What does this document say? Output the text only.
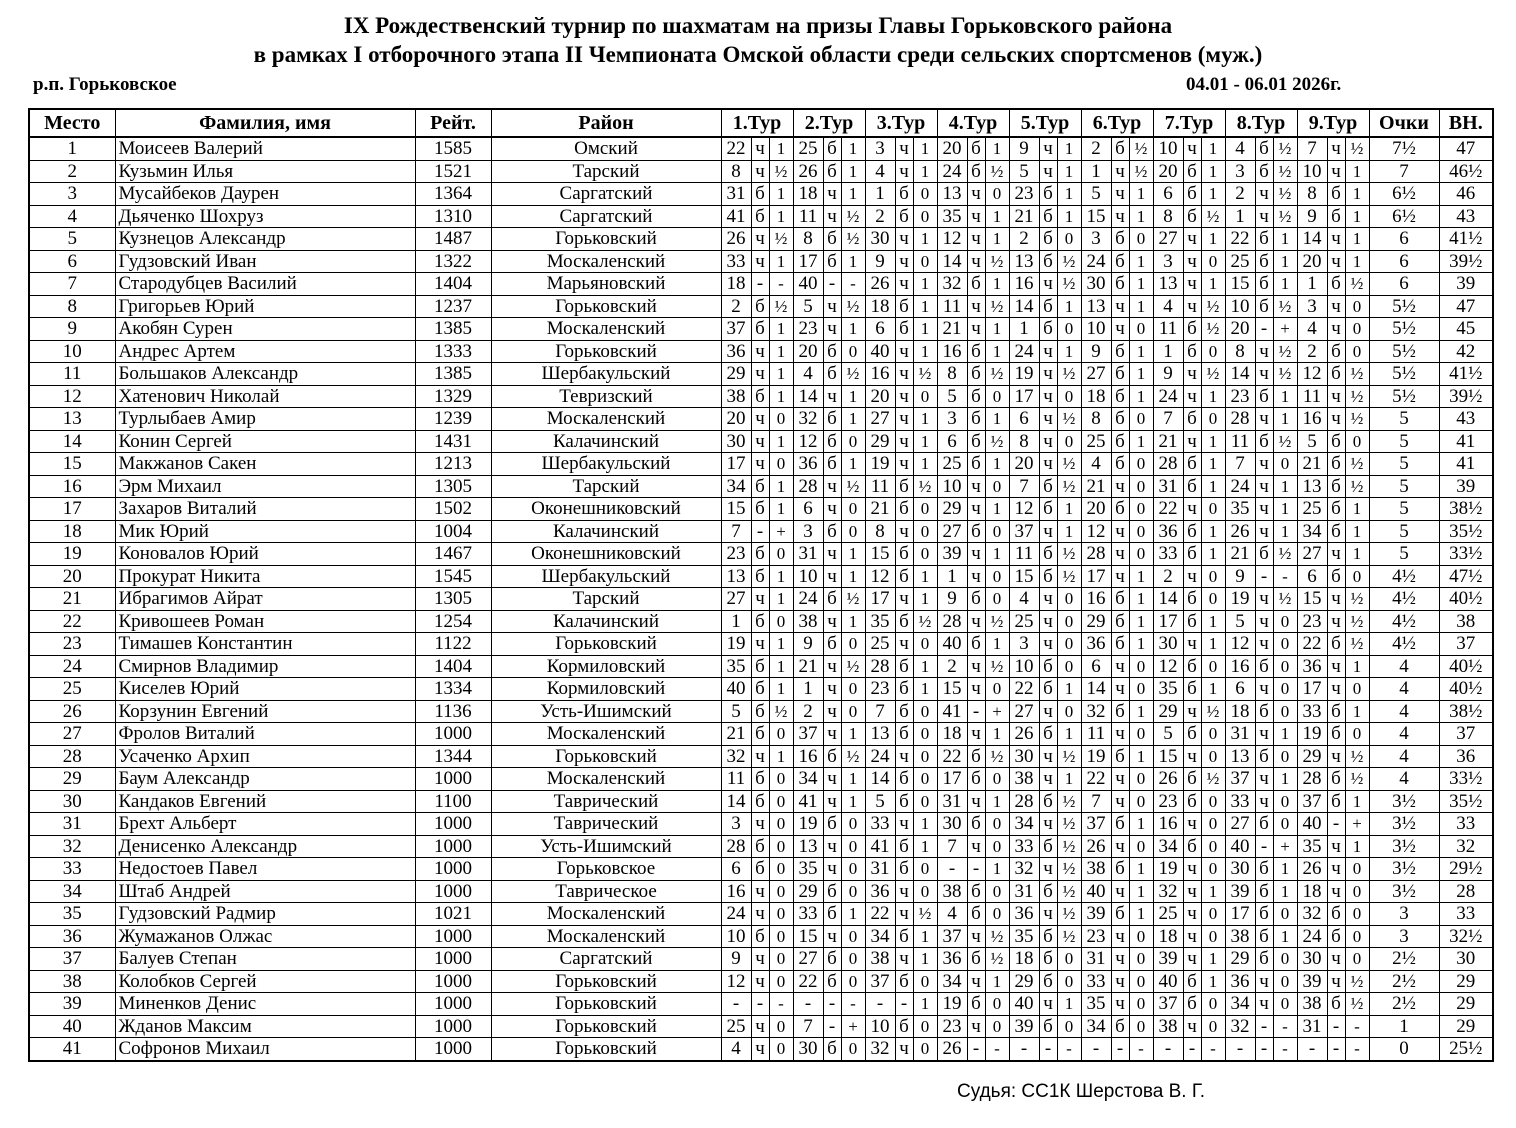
IX Рождественский турнир по шахматам на призы Главы Горьковского района
в рамках I отборочного этапа II Чемпионата Омской области среди сельских спортсменов (муж.)
р.п. Горьковское	04.01 - 06.01 2026г.
Место	Фамилия, имя	Рейт.	Район	1.Тур			2.Тур			3.Тур			4.Тур			5.Тур			6.Тур			7.Тур			8.Тур			9.Тур			Очки	ВН.
1	Моисеев Валерий	1585	Омский	22	ч	1	25	б	1	3	ч	1	20	б	1	9	ч	1	2	б	½	10	ч	1	4	б	½	7	ч	½	7½	47
2	Кузьмин Илья	1521	Тарский	8	ч	½	26	б	1	4	ч	1	24	б	½	5	ч	1	1	ч	½	20	б	1	3	б	½	10	ч	1	7	46½
3	Мусайбеков Даурен	1364	Саргатский	31	б	1	18	ч	1	1	б	0	13	ч	0	23	б	1	5	ч	1	6	б	1	2	ч	½	8	б	1	6½	46
4	Дьяченко Шохруз	1310	Саргатский	41	б	1	11	ч	½	2	б	0	35	ч	1	21	б	1	15	ч	1	8	б	½	1	ч	½	9	б	1	6½	43
5	Кузнецов Александр	1487	Горьковский	26	ч	½	8	б	½	30	ч	1	12	ч	1	2	б	0	3	б	0	27	ч	1	22	б	1	14	ч	1	6	41½
6	Гудзовский Иван	1322	Москаленский	33	ч	1	17	б	1	9	ч	0	14	ч	½	13	б	½	24	б	1	3	ч	0	25	б	1	20	ч	1	6	39½
7	Стародубцев Василий	1404	Марьяновский	18	-	-	40	-	-	26	ч	1	32	б	1	16	ч	½	30	б	1	13	ч	1	15	б	1	1	б	½	6	39
8	Григорьев Юрий	1237	Горьковский	2	б	½	5	ч	½	18	б	1	11	ч	½	14	б	1	13	ч	1	4	ч	½	10	б	½	3	ч	0	5½	47
9	Акобян Сурен	1385	Москаленский	37	б	1	23	ч	1	6	б	1	21	ч	1	1	б	0	10	ч	0	11	б	½	20	-	+	4	ч	0	5½	45
10	Андрес Артем	1333	Горьковский	36	ч	1	20	б	0	40	ч	1	16	б	1	24	ч	1	9	б	1	1	б	0	8	ч	½	2	б	0	5½	42
11	Большаков Александр	1385	Шербакульский	29	ч	1	4	б	½	16	ч	½	8	б	½	19	ч	½	27	б	1	9	ч	½	14	ч	½	12	б	½	5½	41½
12	Хатенович Николай	1329	Тевризский	38	б	1	14	ч	1	20	ч	0	5	б	0	17	ч	0	18	б	1	24	ч	1	23	б	1	11	ч	½	5½	39½
13	Турлыбаев Амир	1239	Москаленский	20	ч	0	32	б	1	27	ч	1	3	б	1	6	ч	½	8	б	0	7	б	0	28	ч	1	16	ч	½	5	43
14	Конин Сергей	1431	Калачинский	30	ч	1	12	б	0	29	ч	1	6	б	½	8	ч	0	25	б	1	21	ч	1	11	б	½	5	б	0	5	41
15	Макжанов Сакен	1213	Шербакульский	17	ч	0	36	б	1	19	ч	1	25	б	1	20	ч	½	4	б	0	28	б	1	7	ч	0	21	б	½	5	41
16	Эрм Михаил	1305	Тарский	34	б	1	28	ч	½	11	б	½	10	ч	0	7	б	½	21	ч	0	31	б	1	24	ч	1	13	б	½	5	39
17	Захаров Виталий	1502	Оконешниковский	15	б	1	6	ч	0	21	б	0	29	ч	1	12	б	1	20	б	0	22	ч	0	35	ч	1	25	б	1	5	38½
18	Мик Юрий	1004	Калачинский	7	-	+	3	б	0	8	ч	0	27	б	0	37	ч	1	12	ч	0	36	б	1	26	ч	1	34	б	1	5	35½
19	Коновалов Юрий	1467	Оконешниковский	23	б	0	31	ч	1	15	б	0	39	ч	1	11	б	½	28	ч	0	33	б	1	21	б	½	27	ч	1	5	33½
20	Прокурат Никита	1545	Шербакульский	13	б	1	10	ч	1	12	б	1	1	ч	0	15	б	½	17	ч	1	2	ч	0	9	-	-	6	б	0	4½	47½
21	Ибрагимов Айрат	1305	Тарский	27	ч	1	24	б	½	17	ч	1	9	б	0	4	ч	0	16	б	1	14	б	0	19	ч	½	15	ч	½	4½	40½
22	Кривошеев Роман	1254	Калачинский	1	б	0	38	ч	1	35	б	½	28	ч	½	25	ч	0	29	б	1	17	б	1	5	ч	0	23	ч	½	4½	38
23	Тимашев Константин	1122	Горьковский	19	ч	1	9	б	0	25	ч	0	40	б	1	3	ч	0	36	б	1	30	ч	1	12	ч	0	22	б	½	4½	37
24	Смирнов Владимир	1404	Кормиловский	35	б	1	21	ч	½	28	б	1	2	ч	½	10	б	0	6	ч	0	12	б	0	16	б	0	36	ч	1	4	40½
25	Киселев Юрий	1334	Кормиловский	40	б	1	1	ч	0	23	б	1	15	ч	0	22	б	1	14	ч	0	35	б	1	6	ч	0	17	ч	0	4	40½
26	Корзунин Евгений	1136	Усть-Ишимский	5	б	½	2	ч	0	7	б	0	41	-	+	27	ч	0	32	б	1	29	ч	½	18	б	0	33	б	1	4	38½
27	Фролов Виталий	1000	Москаленский	21	б	0	37	ч	1	13	б	0	18	ч	1	26	б	1	11	ч	0	5	б	0	31	ч	1	19	б	0	4	37
28	Усаченко Архип	1344	Горьковский	32	ч	1	16	б	½	24	ч	0	22	б	½	30	ч	½	19	б	1	15	ч	0	13	б	0	29	ч	½	4	36
29	Баум Александр	1000	Москаленский	11	б	0	34	ч	1	14	б	0	17	б	0	38	ч	1	22	ч	0	26	б	½	37	ч	1	28	б	½	4	33½
30	Кандаков Евгений	1100	Таврический	14	б	0	41	ч	1	5	б	0	31	ч	1	28	б	½	7	ч	0	23	б	0	33	ч	0	37	б	1	3½	35½
31	Брехт Альберт	1000	Таврический	3	ч	0	19	б	0	33	ч	1	30	б	0	34	ч	½	37	б	1	16	ч	0	27	б	0	40	-	+	3½	33
32	Денисенко Александр	1000	Усть-Ишимский	28	б	0	13	ч	0	41	б	1	7	ч	0	33	б	½	26	ч	0	34	б	0	40	-	+	35	ч	1	3½	32
33	Недостоев Павел	1000	Горьковское	6	б	0	35	ч	0	31	б	0	-	-	1	32	ч	½	38	б	1	19	ч	0	30	б	1	26	ч	0	3½	29½
34	Штаб Андрей	1000	Таврическое	16	ч	0	29	б	0	36	ч	0	38	б	0	31	б	½	40	ч	1	32	ч	1	39	б	1	18	ч	0	3½	28
35	Гудзовский Радмир	1021	Москаленский	24	ч	0	33	б	1	22	ч	½	4	б	0	36	ч	½	39	б	1	25	ч	0	17	б	0	32	б	0	3	33
36	Жумажанов Олжас	1000	Москаленский	10	б	0	15	ч	0	34	б	1	37	ч	½	35	б	½	23	ч	0	18	ч	0	38	б	1	24	б	0	3	32½
37	Балуев Степан	1000	Саргатский	9	ч	0	27	б	0	38	ч	1	36	б	½	18	б	0	31	ч	0	39	ч	1	29	б	0	30	ч	0	2½	30
38	Колобков Сергей	1000	Горьковский	12	ч	0	22	б	0	37	б	0	34	ч	1	29	б	0	33	ч	0	40	б	1	36	ч	0	39	ч	½	2½	29
39	Миненков Денис	1000	Горьковский	-	-	-	-	-	-	-	-	1	19	б	0	40	ч	1	35	ч	0	37	б	0	34	ч	0	38	б	½	2½	29
40	Жданов Максим	1000	Горьковский	25	ч	0	7	-	+	10	б	0	23	ч	0	39	б	0	34	б	0	38	ч	0	32	-	-	31	-	-	1	29
41	Софронов Михаил	1000	Горьковский	4	ч	0	30	б	0	32	ч	0	26	-	-	-	-	-	-	-	-	-	-	-	-	-	-	-	-	-	0	25½
Судья: СС1К Шерстова В. Г.
